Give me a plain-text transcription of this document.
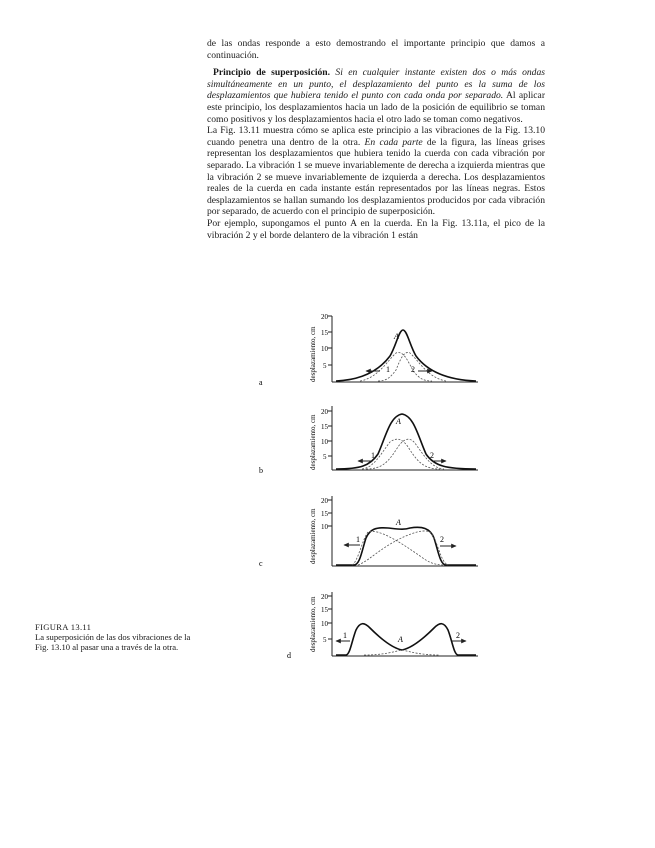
de las ondas responde a esto demostrando el importante principio que damos a continuación.

Principio de superposición. Si en cualquier instante existen dos o más ondas simultáneamente en un punto, el desplazamiento del punto es la suma de los desplazamientos que hubiera tenido el punto con cada onda por separado. Al aplicar este principio, los desplazamientos hacia un lado de la posición de equilibrio se toman como positivos y los desplazamientos hacia el otro lado se toman como negativos.

La Fig. 13.11 muestra cómo se aplica este principio a las vibraciones de la Fig. 13.10 cuando penetra una dentro de la otra. En cada parte de la figura, las líneas grises representan los desplazamientos que hubiera tenido la cuerda con cada vibración por separado. La vibración 1 se mueve invariablemente de derecha a izquierda mientras que la vibración 2 se mueve invariablemente de izquierda a derecha. Los desplazamientos reales de la cuerda en cada instante están representados por las líneas negras. Estos desplazamientos se hallan sumando los desplazamientos producidos por cada vibración por separado, de acuerdo con el principio de superposición.

Por ejemplo, supongamos el punto A en la cuerda. En la Fig. 13.11a, el pico de la vibración 2 y el borde delantero de la vibración 1 están

20
15
10
5
desplazamiento, cm	A
1	2
a
20
15
10
5
desplazamiento, cm	A
1	2
b
20
15
10
desplazamiento, cm	A
1	2
c
20
15
10
5
desplazamiento, cm	1	A	2
d
FIGURA 13.11
La superposición de las dos vibraciones de la Fig. 13.10 al pasar una a través de la otra.
